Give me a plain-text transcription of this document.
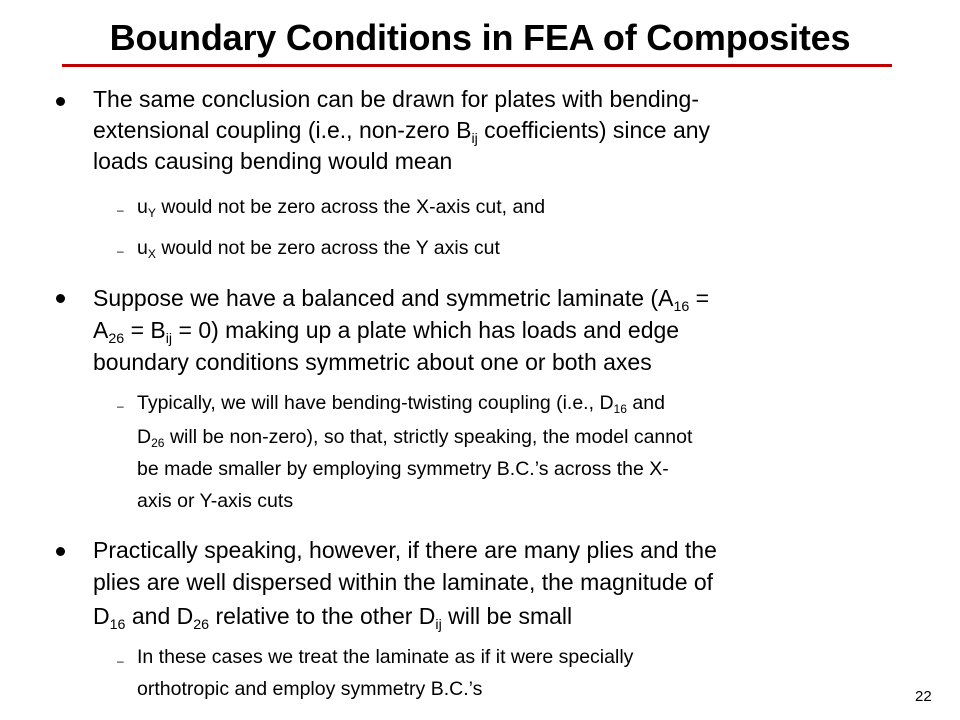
Boundary Conditions in FEA of Composites
The same conclusion can be drawn for plates with bending-
extensional coupling (i.e., non-zero $B_{ij}$ coefficients) since any
loads causing bending would mean
– $u_Y$ would not be zero across the X-axis cut, and
– $u_X$ would not be zero across the Y axis cut
Suppose we have a balanced and symmetric laminate ($A_{16}$ =
$A_{26} = B_{ij} = 0$) making up a plate which has loads and edge
boundary conditions symmetric about one or both axes
– Typically, we will have bending-twisting coupling (i.e., $D_{16}$ and
$D_{26}$ will be non-zero), so that, strictly speaking, the model cannot
be made smaller by employing symmetry B.C.’s across the X-
axis or Y-axis cuts
Practically speaking, however, if there are many plies and the
plies are well dispersed within the laminate, the magnitude of
$D_{16}$ and $D_{26}$ relative to the other $D_{ij}$ will be small
– In these cases we treat the laminate as if it were specially
orthotropic and employ symmetry B.C.’s	22
